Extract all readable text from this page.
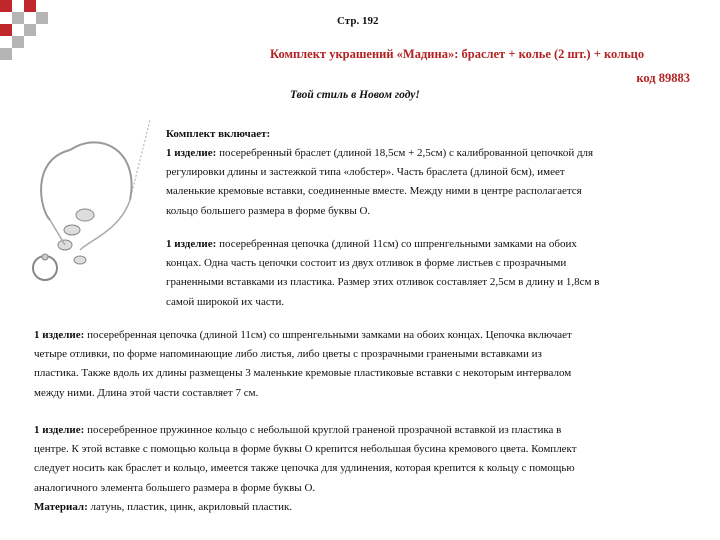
Стр. 192
Комплект украшений «Мадина»: браслет + колье (2 шт.) + кольцо
код 89883
Твой стиль в Новом году!
Комплект включает:
1 изделие: посеребренный браслет (длиной 18,5см + 2,5см) с калиброванной цепочкой для
регулировки длины и застежкой типа «лобстер». Часть браслета (длиной 6см), имеет
маленькие кремовые вставки, соединенные вместе. Между ними в центре располагается
кольцо большего размера в форме буквы О.
1 изделие: посеребренная цепочка (длиной 11см) со шпренгельными замками на обоих
концах. Одна часть цепочки состоит из двух отливок в форме листьев с прозрачными
граненными вставками из пластика. Размер этих отливок составляет 2,5см в длину и 1,8см в
самой широкой их части.
1 изделие: посеребренная цепочка (длиной 11см) со шпренгельными замками на обоих концах. Цепочка включает
четыре отливки, по форме напоминающие либо листья, либо цветы с прозрачными гранеными вставками из
пластика. Также вдоль их длины размещены 3 маленькие кремовые пластиковые вставки с некоторым интервалом
между ними. Длина этой части составляет 7 см.
1 изделие: посеребренное пружинное кольцо с небольшой круглой граненой прозрачной вставкой из пластика в
центре. К этой вставке с помощью кольца в форме буквы О крепится небольшая бусина кремового цвета. Комплект
следует носить как браслет и кольцо, имеется также цепочка для удлинения, которая крепится к кольцу с помощью
аналогичного элемента большего размера в форме буквы О.
Материал: латунь, пластик, цинк, акриловый пластик.
